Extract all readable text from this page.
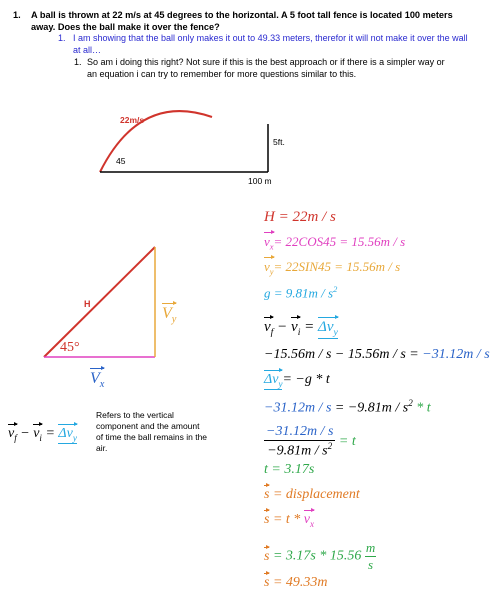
1. A ball is thrown at 22 m/s at 45 degrees to the horizontal. A 5 foot tall fence is located 100 meters away. Does the ball make it over the fence?
1. I am showing that the ball only makes it out to 49.33 meters, therefor it will not make it over the wall at all…
1. So am i doing this right? Not sure if this is the best approach or if there is a simpler way or an equation i can try to remember for more questions similar to this.
22m/s
45
5ft.
100 m
H
45°
$V_y$
$V_x$
$v_f - v_i = \Delta v_y$
Refers to the vertical component and the amount of time the ball remains in the air.
H = 22m / s
$v_x= 22COS45 = 15.56m / s$
$v_y= 22SIN45 = 15.56m / s$
$g = 9.81m / s^2$
$v_f - v_i = \Delta v_y$
−15.56m / s − 15.56m / s = −31.12m / s
$\Delta v_y= -g * t$
$-31.12m / s = -9.81m / s^2 * t$
$\frac{-31.12m / s}{-9.81m / s^2} = t$
t = 3.17s
s = displacement
$s = t * v_x$
$s = 3.17s * 15.56 \frac{m}{s}$
s = 49.33m
